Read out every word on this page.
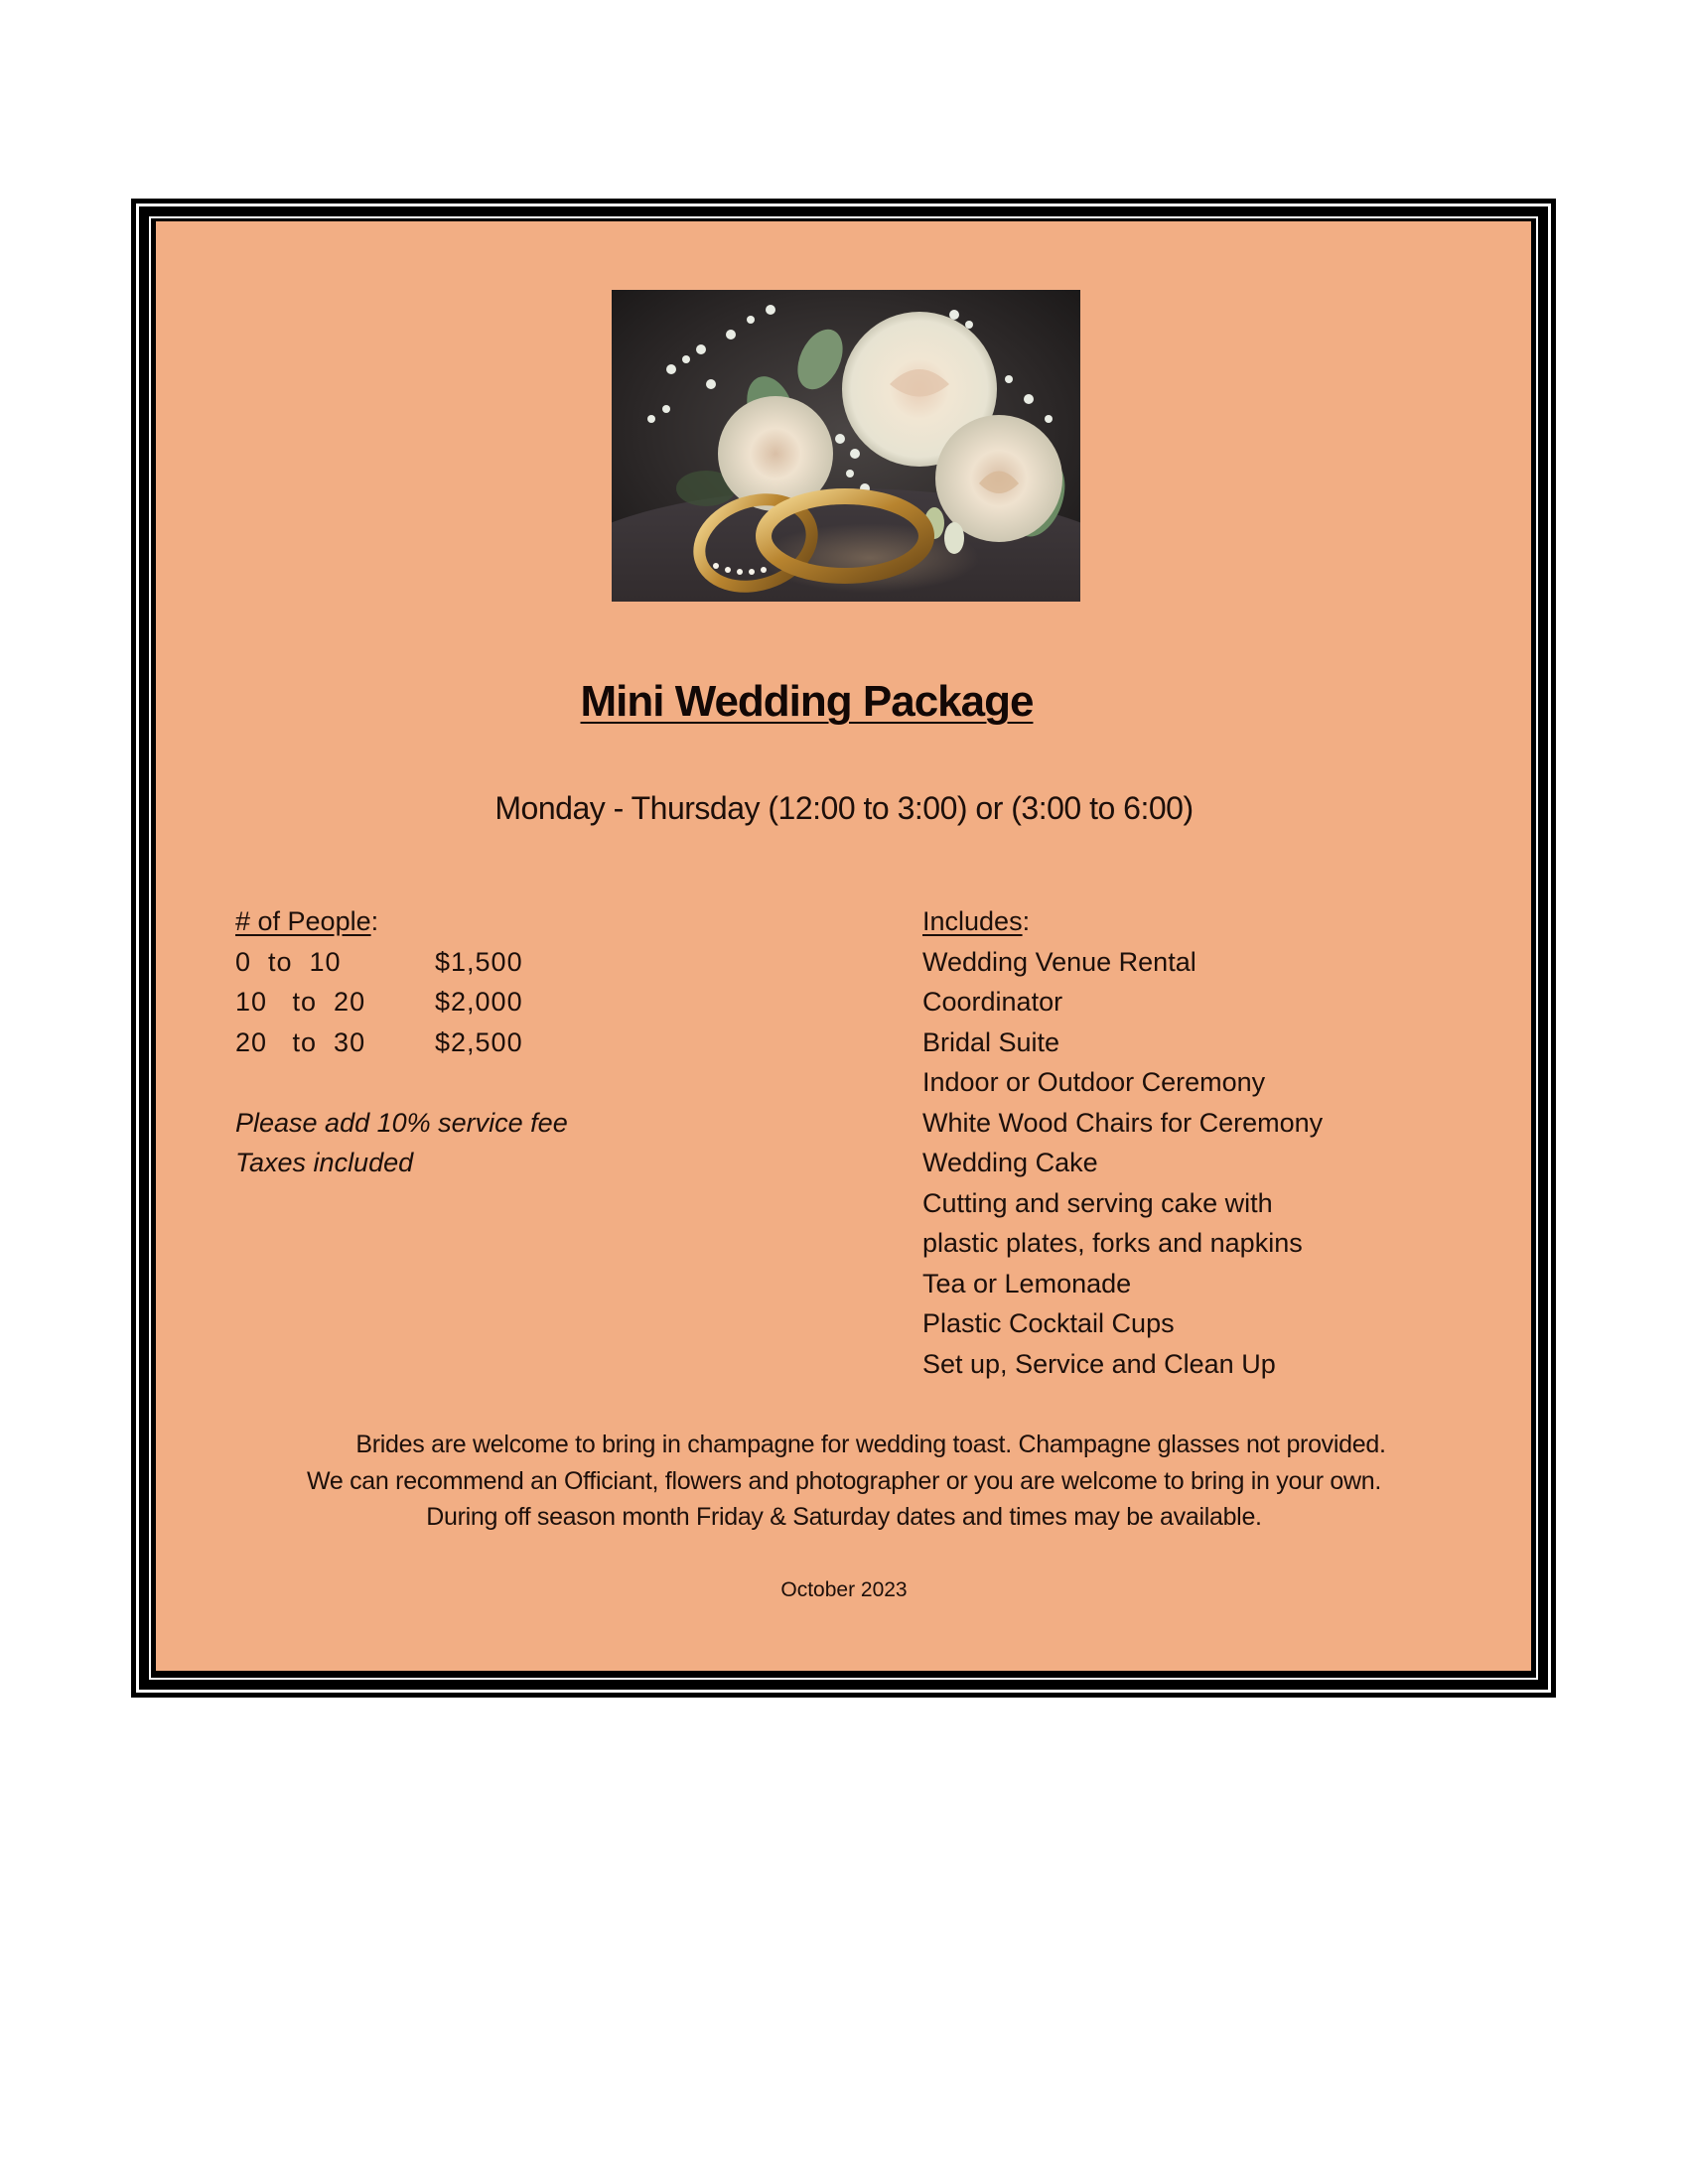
Mini Wedding Package
Monday - Thursday (12:00 to 3:00) or (3:00 to 6:00)
# of People:
0  to  10	$1,500
10   to  20	$2,000
20   to  30	$2,500
Please add 10% service fee
Taxes included
Includes:
Wedding Venue Rental
Coordinator
Bridal Suite
Indoor or Outdoor Ceremony
White Wood Chairs for Ceremony
Wedding Cake
Cutting and serving cake with
plastic plates, forks and napkins
Tea or Lemonade
Plastic Cocktail Cups
Set up, Service and Clean Up
Brides are welcome to bring in champagne for wedding toast. Champagne glasses not provided.
We can recommend an Officiant, flowers and photographer or you are welcome to bring in your own.
During off season month Friday & Saturday dates and times may be available.
October 2023
